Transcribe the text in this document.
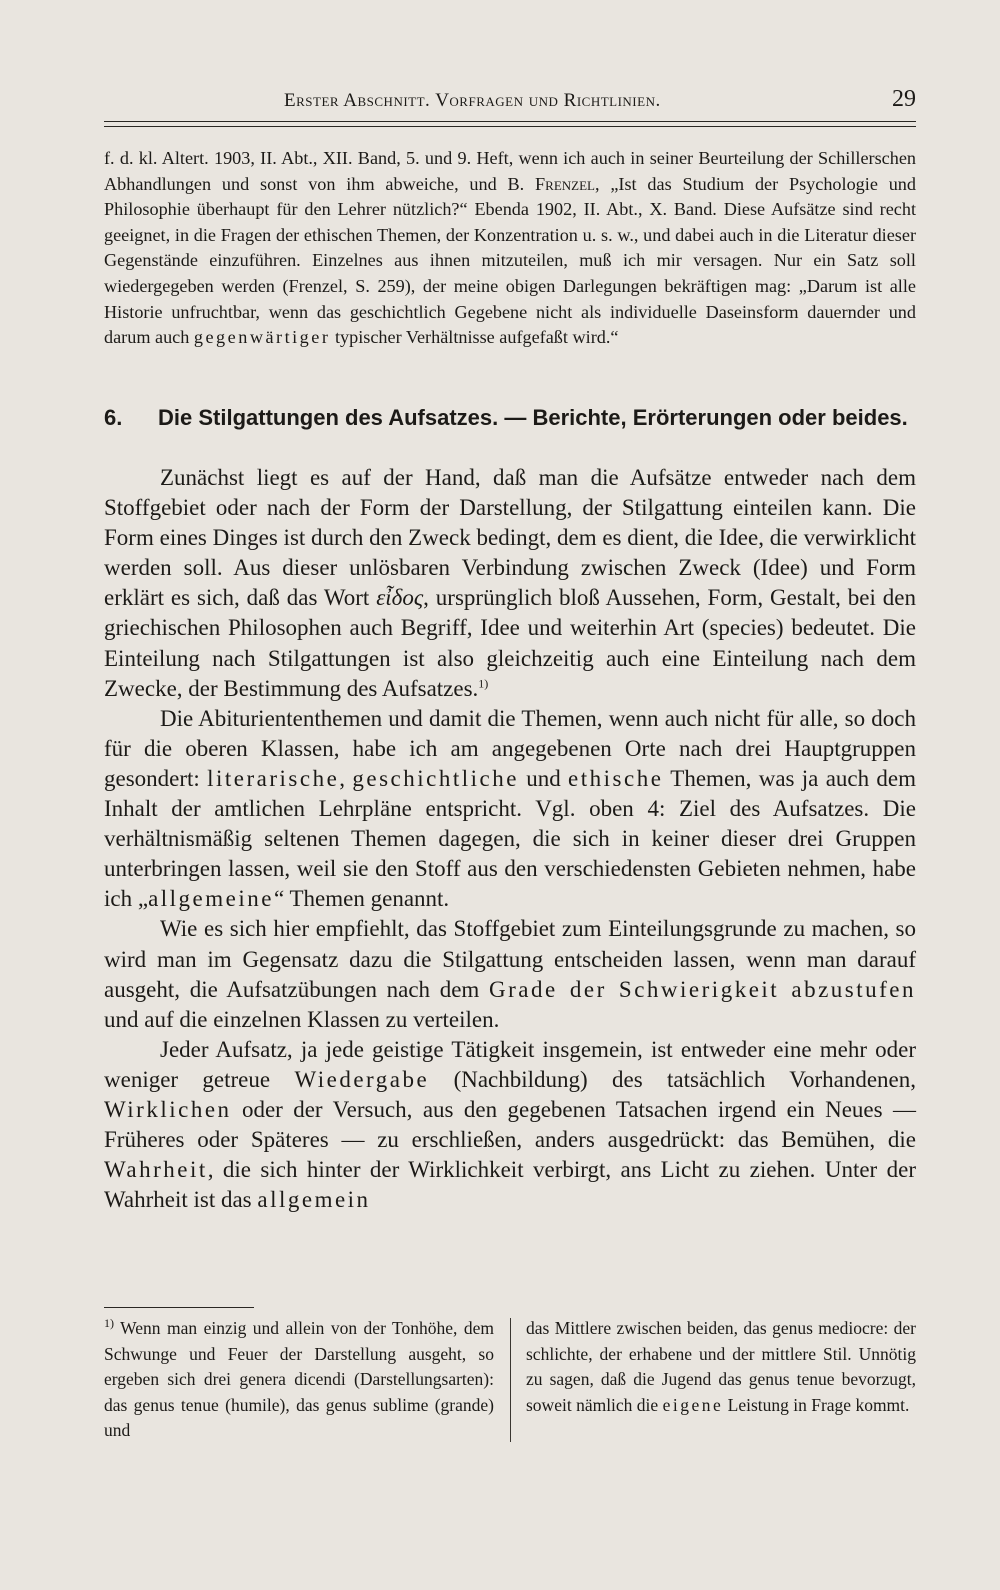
Erster Abschnitt. Vorfragen und Richtlinien.	29

f. d. kl. Altert. 1903, II. Abt., XII. Band, 5. und 9. Heft, wenn ich auch in seiner Beurteilung der Schillerschen Abhandlungen und sonst von ihm abweiche, und B. Frenzel, „Ist das Studium der Psychologie und Philosophie überhaupt für den Lehrer nützlich?“ Ebenda 1902, II. Abt., X. Band. Diese Aufsätze sind recht geeignet, in die Fragen der ethischen Themen, der Konzentration u. s. w., und dabei auch in die Literatur dieser Gegenstände einzuführen. Einzelnes aus ihnen mitzuteilen, muß ich mir versagen. Nur ein Satz soll wiedergegeben werden (Frenzel, S. 259), der meine obigen Darlegungen bekräftigen mag: „Darum ist alle Historie unfruchtbar, wenn das geschichtlich Gegebene nicht als individuelle Daseinsform dauernder und darum auch gegenwärtiger typischer Verhältnisse aufgefaßt wird.“

6. Die Stilgattungen des Aufsatzes. — Berichte, Erörterungen oder beides.

Zunächst liegt es auf der Hand, daß man die Aufsätze entweder nach dem Stoffgebiet oder nach der Form der Darstellung, der Stilgattung einteilen kann. Die Form eines Dinges ist durch den Zweck bedingt, dem es dient, die Idee, die verwirklicht werden soll. Aus dieser unlösbaren Verbindung zwischen Zweck (Idee) und Form erklärt es sich, daß das Wort εἶδος, ursprünglich bloß Aussehen, Form, Gestalt, bei den griechischen Philosophen auch Begriff, Idee und weiterhin Art (species) bedeutet. Die Einteilung nach Stilgattungen ist also gleichzeitig auch eine Einteilung nach dem Zwecke, der Bestimmung des Aufsatzes.$^{1)}$

Die Abituriententhemen und damit die Themen, wenn auch nicht für alle, so doch für die oberen Klassen, habe ich am angegebenen Orte nach drei Hauptgruppen gesondert: literarische, geschichtliche und ethische Themen, was ja auch dem Inhalt der amtlichen Lehrpläne entspricht. Vgl. oben 4: Ziel des Aufsatzes. Die verhältnismäßig seltenen Themen dagegen, die sich in keiner dieser drei Gruppen unterbringen lassen, weil sie den Stoff aus den verschiedensten Gebieten nehmen, habe ich „allgemeine“ Themen genannt.

Wie es sich hier empfiehlt, das Stoffgebiet zum Einteilungsgrunde zu machen, so wird man im Gegensatz dazu die Stilgattung entscheiden lassen, wenn man darauf ausgeht, die Aufsatzübungen nach dem Grade der Schwierigkeit abzustufen und auf die einzelnen Klassen zu verteilen.

Jeder Aufsatz, ja jede geistige Tätigkeit insgemein, ist entweder eine mehr oder weniger getreue Wiedergabe (Nachbildung) des tatsächlich Vorhandenen, Wirklichen oder der Versuch, aus den gegebenen Tatsachen irgend ein Neues — Früheres oder Späteres — zu erschließen, anders ausgedrückt: das Bemühen, die Wahrheit, die sich hinter der Wirklichkeit verbirgt, ans Licht zu ziehen. Unter der Wahrheit ist das allgemein

$^{1)}$ Wenn man einzig und allein von der Tonhöhe, dem Schwunge und Feuer der Darstellung ausgeht, so ergeben sich drei genera dicendi (Darstellungsarten): das genus tenue (humile), das genus sublime (grande) und

das Mittlere zwischen beiden, das genus mediocre: der schlichte, der erhabene und der mittlere Stil. Unnötig zu sagen, daß die Jugend das genus tenue bevorzugt, soweit nämlich die eigene Leistung in Frage kommt.
